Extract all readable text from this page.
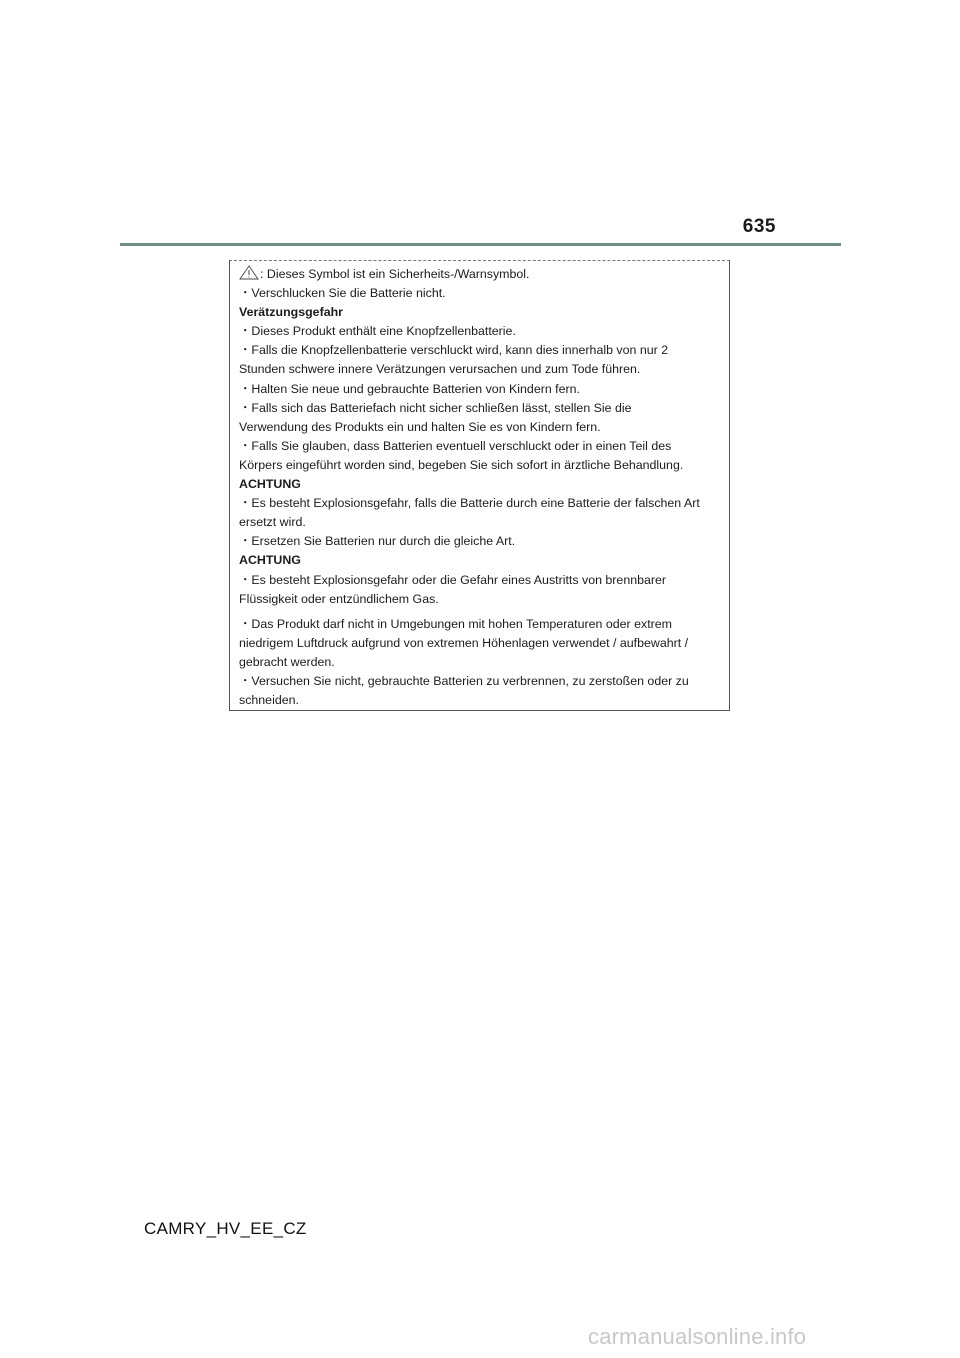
635
: Dieses Symbol ist ein Sicherheits-/Warnsymbol.
・Verschlucken Sie die Batterie nicht.
Verätzungsgefahr
・Dieses Produkt enthält eine Knopfzellenbatterie.
・Falls die Knopfzellenbatterie verschluckt wird, kann dies innerhalb von nur 2
Stunden schwere innere Verätzungen verursachen und zum Tode führen.
・Halten Sie neue und gebrauchte Batterien von Kindern fern.
・Falls sich das Batteriefach nicht sicher schließen lässt, stellen Sie die
Verwendung des Produkts ein und halten Sie es von Kindern fern.
・Falls Sie glauben, dass Batterien eventuell verschluckt oder in einen Teil des
Körpers eingeführt worden sind, begeben Sie sich sofort in ärztliche Behandlung.
ACHTUNG
・Es besteht Explosionsgefahr, falls die Batterie durch eine Batterie der falschen Art
ersetzt wird.
・Ersetzen Sie Batterien nur durch die gleiche Art.
ACHTUNG
・Es besteht Explosionsgefahr oder die Gefahr eines Austritts von brennbarer
Flüssigkeit oder entzündlichem Gas.
・Das Produkt darf nicht in Umgebungen mit hohen Temperaturen oder extrem
niedrigem Luftdruck aufgrund von extremen Höhenlagen verwendet / aufbewahrt /
gebracht werden.
・Versuchen Sie nicht, gebrauchte Batterien zu verbrennen, zu zerstoßen oder zu
schneiden.
CAMRY_HV_EE_CZ
carmanualsonline.info
